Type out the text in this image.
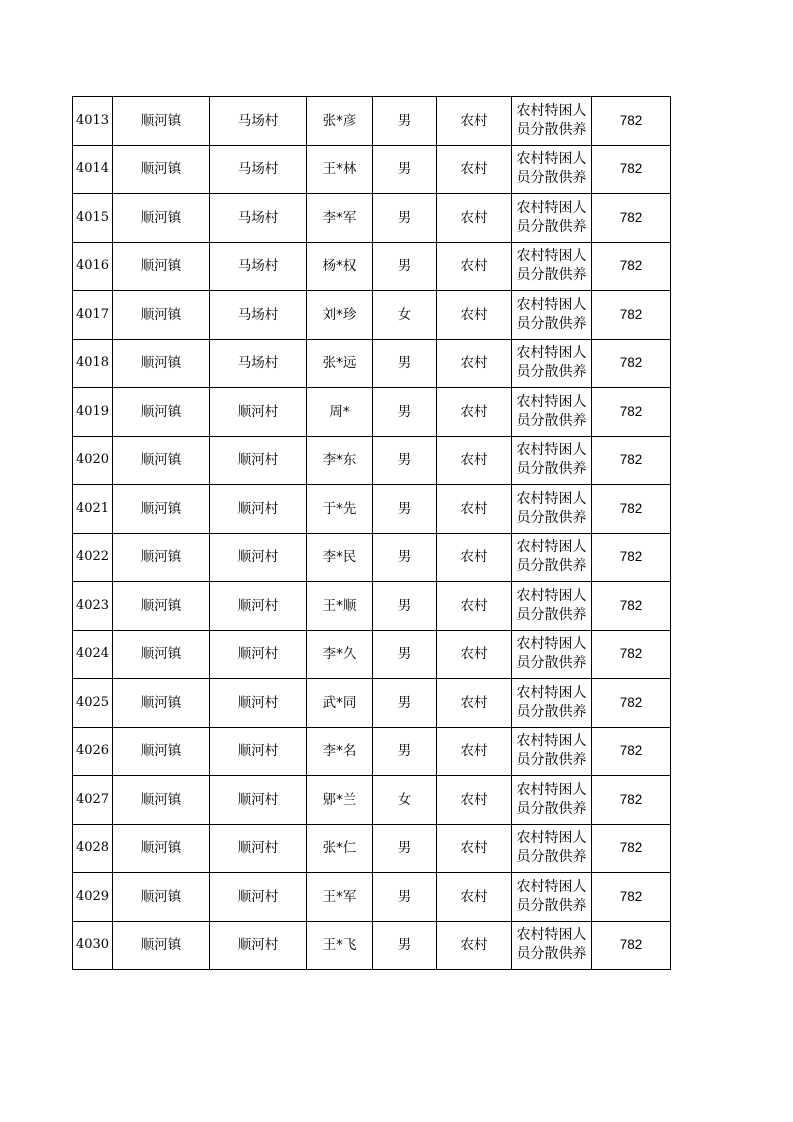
4013	顺河镇	马场村	张*彦	男	农村	农村特困人员分散供养	782
4014	顺河镇	马场村	王*林	男	农村	农村特困人员分散供养	782
4015	顺河镇	马场村	李*军	男	农村	农村特困人员分散供养	782
4016	顺河镇	马场村	杨*权	男	农村	农村特困人员分散供养	782
4017	顺河镇	马场村	刘*珍	女	农村	农村特困人员分散供养	782
4018	顺河镇	马场村	张*远	男	农村	农村特困人员分散供养	782
4019	顺河镇	顺河村	周*	男	农村	农村特困人员分散供养	782
4020	顺河镇	顺河村	李*东	男	农村	农村特困人员分散供养	782
4021	顺河镇	顺河村	于*先	男	农村	农村特困人员分散供养	782
4022	顺河镇	顺河村	李*民	男	农村	农村特困人员分散供养	782
4023	顺河镇	顺河村	王*顺	男	农村	农村特困人员分散供养	782
4024	顺河镇	顺河村	李*久	男	农村	农村特困人员分散供养	782
4025	顺河镇	顺河村	武*同	男	农村	农村特困人员分散供养	782
4026	顺河镇	顺河村	李*名	男	农村	农村特困人员分散供养	782
4027	顺河镇	顺河村	郳*兰	女	农村	农村特困人员分散供养	782
4028	顺河镇	顺河村	张*仁	男	农村	农村特困人员分散供养	782
4029	顺河镇	顺河村	王*军	男	农村	农村特困人员分散供养	782
4030	顺河镇	顺河村	王*飞	男	农村	农村特困人员分散供养	782
